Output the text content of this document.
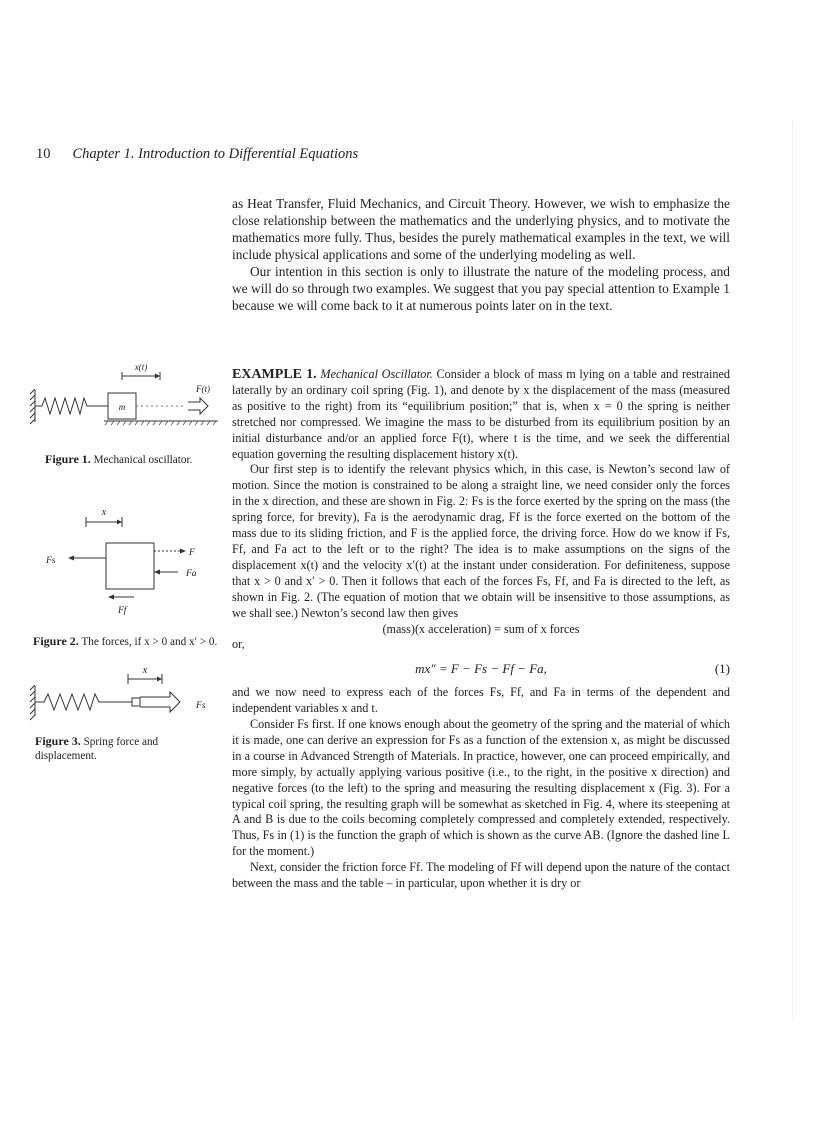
10 Chapter 1. Introduction to Differential Equations

as Heat Transfer, Fluid Mechanics, and Circuit Theory. However, we wish to emphasize the close relationship between the mathematics and the underlying physics, and to motivate the mathematics more fully. Thus, besides the purely mathematical examples in the text, we will include physical applications and some of the underlying modeling as well.

Our intention in this section is only to illustrate the nature of the modeling process, and we will do so through two examples. We suggest that you pay special attention to Example 1 because we will come back to it at numerous points later on in the text.

EXAMPLE 1. Mechanical Oscillator. Consider a block of mass m lying on a table and restrained laterally by an ordinary coil spring (Fig. 1), and denote by x the displacement of the mass (measured as positive to the right) from its “equilibrium position;” that is, when x = 0 the spring is neither stretched nor compressed. We imagine the mass to be disturbed from its equilibrium position by an initial disturbance and/or an applied force F(t), where t is the time, and we seek the differential equation governing the resulting displacement history x(t).

Our first step is to identify the relevant physics which, in this case, is Newton’s second law of motion. Since the motion is constrained to be along a straight line, we need consider only the forces in the x direction, and these are shown in Fig. 2: Fs is the force exerted by the spring on the mass (the spring force, for brevity), Fa is the aerodynamic drag, Ff is the force exerted on the bottom of the mass due to its sliding friction, and F is the applied force, the driving force. How do we know if Fs, Ff, and Fa act to the left or to the right? The idea is to make assumptions on the signs of the displacement x(t) and the velocity x′(t) at the instant under consideration. For definiteness, suppose that x > 0 and x′ > 0. Then it follows that each of the forces Fs, Ff, and Fa is directed to the left, as shown in Fig. 2. (The equation of motion that we obtain will be insensitive to those assumptions, as we shall see.) Newton’s second law then gives

(mass)(x acceleration) = sum of x forces

or,

mx″ = F − Fs − Ff − Fa,	(1)

and we now need to express each of the forces Fs, Ff, and Fa in terms of the dependent and independent variables x and t.

Consider Fs first. If one knows enough about the geometry of the spring and the material of which it is made, one can derive an expression for Fs as a function of the extension x, as might be discussed in a course in Advanced Strength of Materials. In practice, however, one can proceed empirically, and more simply, by actually applying various positive (i.e., to the right, in the positive x direction) and negative forces (to the left) to the spring and measuring the resulting displacement x (Fig. 3). For a typical coil spring, the resulting graph will be somewhat as sketched in Fig. 4, where its steepening at A and B is due to the coils becoming completely compressed and completely extended, respectively. Thus, Fs in (1) is the function the graph of which is shown as the curve AB. (Ignore the dashed line L for the moment.)

Next, consider the friction force Ff. The modeling of Ff will depend upon the nature of the contact between the mass and the table – in particular, upon whether it is dry or

x(t)
m
F(t)
Figure 1. Mechanical oscillator.
x
Fs
F
Fa
Ff
Figure 2. The forces, if x > 0 and x′ > 0.
x
Fs
Figure 3. Spring force and displacement.
